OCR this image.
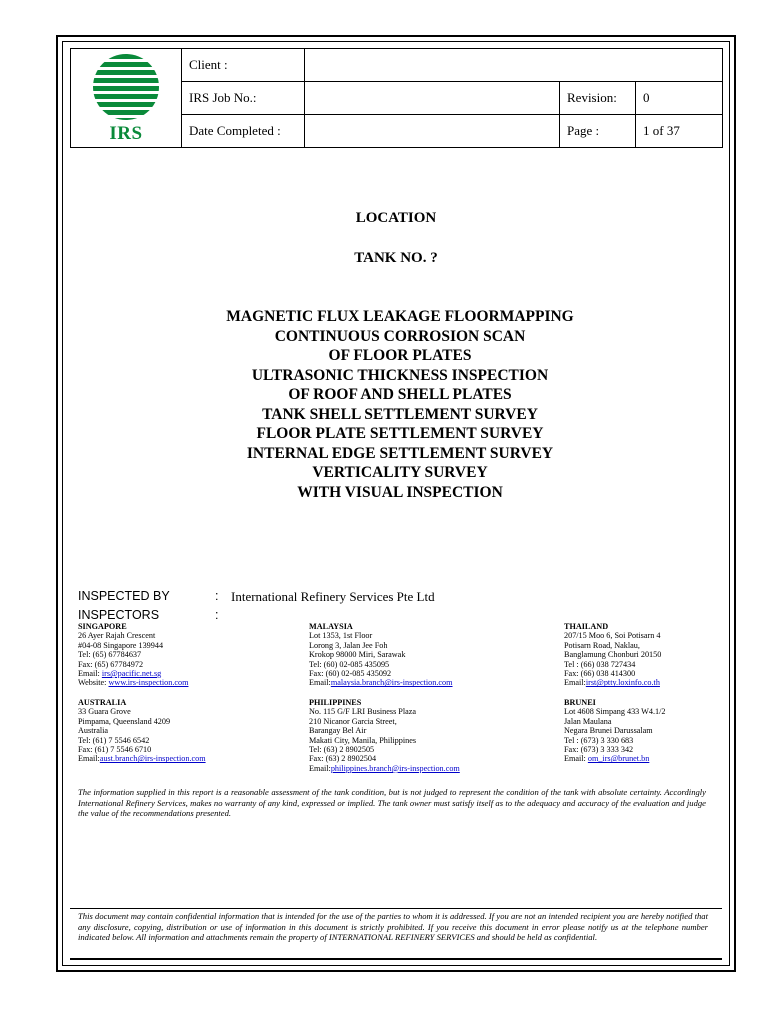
IRS	Client :			
	IRS Job No.:		Revision:	0
	Date Completed :		Page :	1 of 37
LOCATION
TANK NO. ?
MAGNETIC FLUX LEAKAGE FLOORMAPPING
CONTINUOUS CORROSION SCAN
OF FLOOR PLATES
ULTRASONIC THICKNESS INSPECTION
OF ROOF AND SHELL PLATES
TANK SHELL SETTLEMENT SURVEY
FLOOR PLATE SETTLEMENT SURVEY
INTERNAL EDGE SETTLEMENT SURVEY
VERTICALITY SURVEY
WITH VISUAL INSPECTION
INSPECTED BY	: International Refinery Services Pte Ltd
INSPECTORS	:
SINGAPORE
26 Ayer Rajah Crescent
#04-08 Singapore 139944
Tel: (65) 67784637
Fax: (65) 67784972
Email: irs@pacific.net.sg
Website: www.irs-inspection.com
MALAYSIA
Lot 1353, 1st Floor
Lorong 3, Jalan Jee Foh
Krokop 98000 Miri, Sarawak
Tel: (60) 02-085 435095
Fax: (60) 02-085 435092
Email:malaysia.branch@irs-inspection.com
THAILAND
207/15 Moo 6, Soi Potisarn 4
Potisarn Road, Naklau,
Banglamung Chonburi 20150
Tel : (66) 038 727434
Fax: (66) 038 414300
Email:irst@ptty.loxinfo.co.th
AUSTRALIA
33 Guara Grove
Pimpama, Queensland 4209
Australia
Tel: (61) 7 5546 6542
Fax: (61) 7 5546 6710
Email:aust.branch@irs-inspection.com
PHILIPPINES
No. 115 G/F LRI Business Plaza
210 Nicanor Garcia Street,
Barangay Bel Air
Makati City, Manila, Philippines
Tel: (63) 2 8902505
Fax: (63) 2 8902504
Email:philippines.branch@irs-inspection.com
BRUNEI
Lot 4608 Simpang 433 W4.1/2
Jalan Maulana
Negara Brunei Darussalam
Tel : (673) 3 330 683
Fax: (673) 3 333 342
Email: om_irs@brunet.bn
The information supplied in this report is a reasonable assessment of the tank condition, but is not judged to represent the condition of the tank with absolute certainty. Accordingly International Refinery Services, makes no warranty of any kind, expressed or implied. The tank owner must satisfy itself as to the adequacy and accuracy of the evaluation and judge the value of the recommendations presented.
This document may contain confidential information that is intended for the use of the parties to whom it is addressed. If you are not an intended recipient you are hereby notified that any disclosure, copying, distribution or use of information in this document is strictly prohibited. If you receive this document in error please notify us at the telephone number indicated below. All information and attachments remain the property of INTERNATIONAL REFINERY SERVICES and should be held as confidential.
